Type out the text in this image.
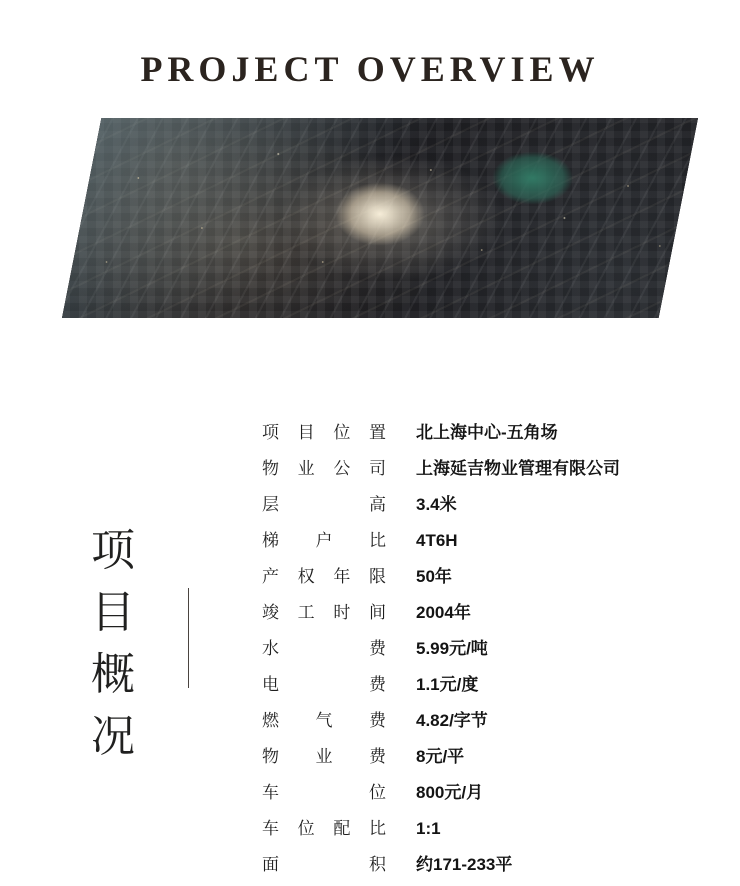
PROJECT OVERVIEW
项
目
概
况
项 目 位 置 北上海中心-五角场
物 业 公 司 上海延吉物业管理有限公司
层	高 3.4米
梯 户 比 4T6H
产 权 年 限 50年
竣 工 时 间 2004年
水	费 5.99元/吨
电	费 1.1元/度
燃 气 费 4.82/字节
物 业 费 8元/平
车	位 800元/月
车 位 配 比 1:1
面	积 约171-233平
